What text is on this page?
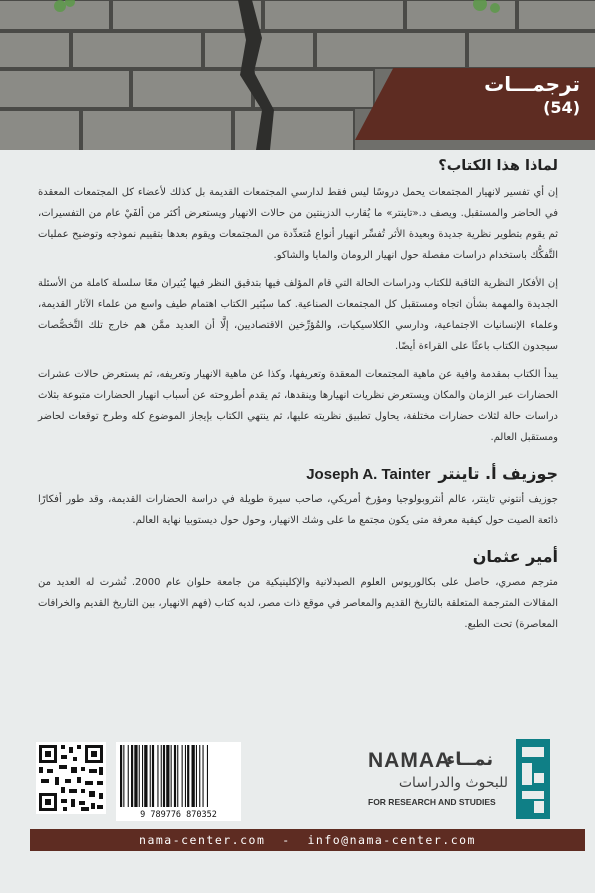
ترجمـــات
(54)
لماذا هذا الكتاب؟

إن أي تفسير لانهيار المجتمعات يحمل دروسًا ليس فقط لدارسي المجتمعات القديمة بل كذلك لأعضاء كل المجتمعات المعقدة في الحاضر والمستقبل. ويصف د.«تاينتر» ما يُقارب الدزينتين من حالات الانهيار ويستعرض أكثر من ألفَيْ عام من التفسيرات، ثم يقوم بتطوير نظرية جديدة وبعيدة الأثر تُفسِّر انهيار أنواع مُتعدِّدة من المجتمعات ويقوم بعدها بتقييم نموذجه وتوضيح عمليات التَّفكُّك باستخدام دراسات مفصلة حول انهيار الرومان والمايا والشاكو.

إن الأفكار النظرية الثاقبة للكتاب ودراسات الحالة التي قام المؤلف فيها بتدقيق النظر فيها يُثيران معًا سلسلة كاملة من الأسئلة الجديدة والمهمة بشأن اتجاه ومستقبل كل المجتمعات الصناعية. كما سيُثير الكتاب اهتمام طيف واسع من علماء الآثار القديمة، وعلماء الإنسانيات الاجتماعية، ودارسي الكلاسيكيات، والمُؤرِّخين الاقتصاديين، إلَّا أن العديد ممَّن هم خارج تلك التَّخصُّصات سيجدون الكتاب باعثًا على القراءة أيضًا.

يبدأ الكتاب بمقدمة وافية عن ماهية المجتمعات المعقدة وتعريفها، وكذا عن ماهية الانهيار وتعريفه، ثم يستعرض حالات عشرات الحضارات عبر الزمان والمكان ويستعرض نظريات انهيارها وينقدها، ثم يقدم أطروحته عن أسباب انهيار الحضارات متبوعة بثلاث دراسات حالة لثلاث حضارات مختلفة، يحاول تطبيق نظريته عليها، ثم ينتهي الكتاب بإيجاز الموضوع كله وطرح توقعات لحاضر ومستقبل العالم.

جوزيف أ. تاينتر
Joseph A. Tainter

جوزيف أنتوني تاينتر، عالم أنثروبولوجيا ومؤرخ أمريكي، صاحب سيرة طويلة في دراسة الحضارات القديمة، وقد طور أفكارًا ذائعة الصيت حول كيفية معرفة متى يكون مجتمع ما على وشك الانهيار، وحول حول ديستوبيا نهاية العالم.

أمير عثمان

مترجم مصري، حاصل على بكالوريوس العلوم الصيدلانية والإكلينيكية من جامعة حلوان عام 2000. نُشرت له العديد من المقالات المترجمة المتعلقة بالتاريخ القديم والمعاصر في موقع ذات مصر، لديه كتاب (فهم الانهيار، بين التاريخ القديم والخرافات المعاصرة) تحت الطبع.

9 789776 870352
NAMAA
نمــاء
للبحوث والدراسات
FOR RESEARCH AND STUDIES
nama-center.com  -  info@nama-center.com
